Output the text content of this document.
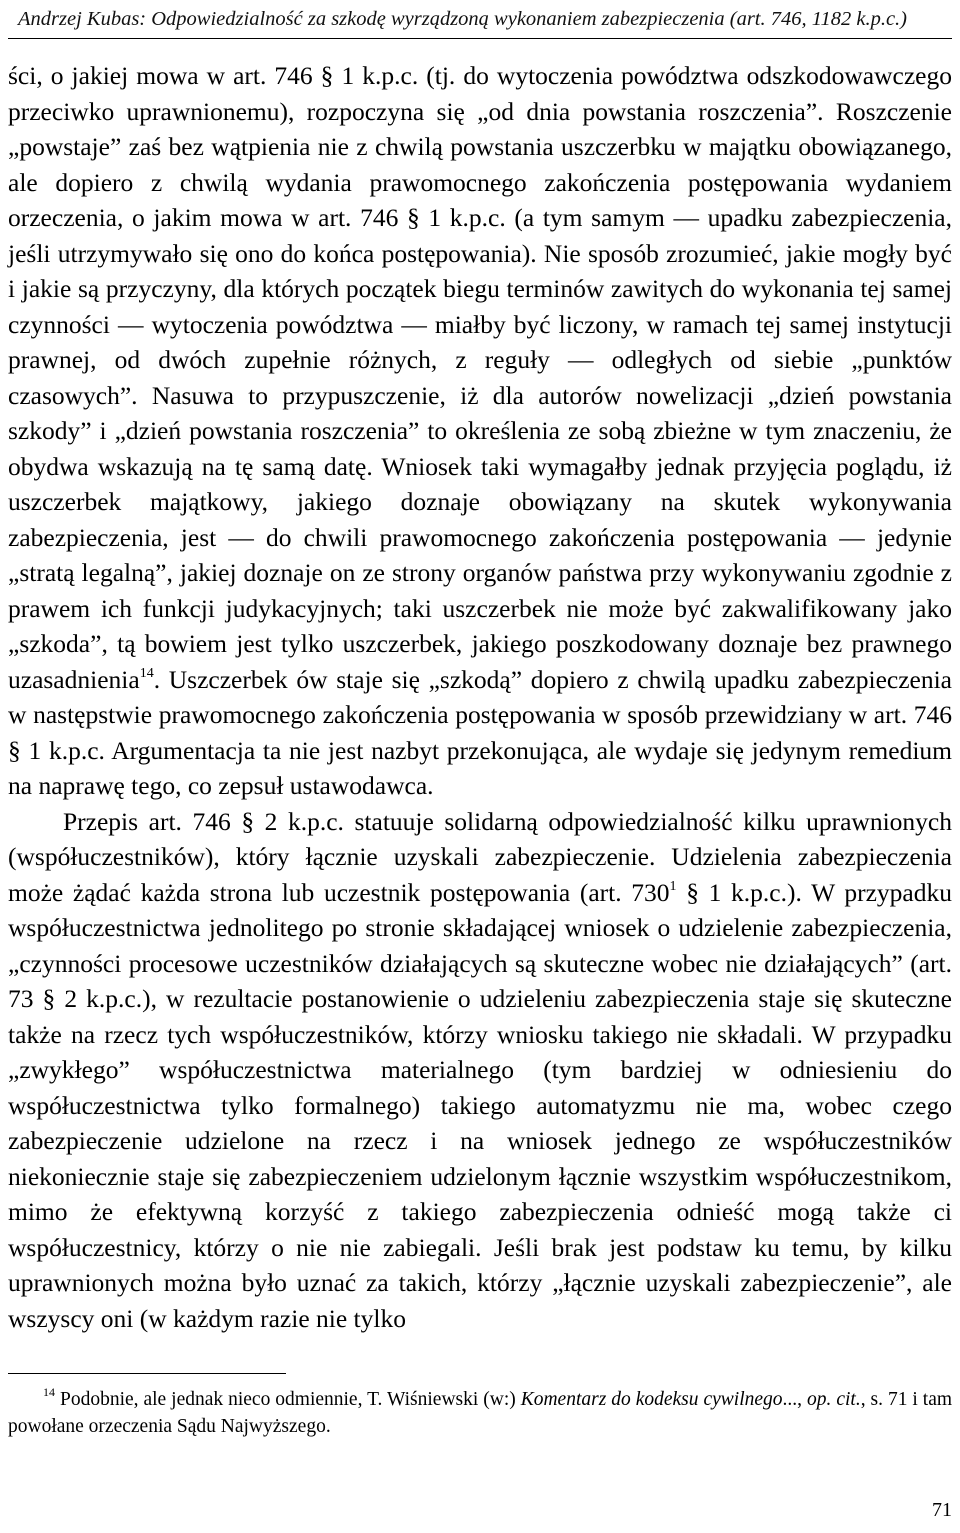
Andrzej Kubas: Odpowiedzialność za szkodę wyrządzoną wykonaniem zabezpieczenia (art. 746, 1182 k.p.c.)

ści, o jakiej mowa w art. 746 § 1 k.p.c. (tj. do wytoczenia powództwa odszkodowawczego przeciwko uprawnionemu), rozpoczyna się „od dnia powstania roszczenia”. Roszczenie „powstaje” zaś bez wątpienia nie z chwilą powstania uszczerbku w majątku obowiązanego, ale dopiero z chwilą wydania prawomocnego zakończenia postępowania wydaniem orzeczenia, o jakim mowa w art. 746 § 1 k.p.c. (a tym samym — upadku zabezpieczenia, jeśli utrzymywało się ono do końca postępowania). Nie sposób zrozumieć, jakie mogły być i jakie są przyczyny, dla których początek biegu terminów zawitych do wykonania tej samej czynności — wytoczenia powództwa — miałby być liczony, w ramach tej samej instytucji prawnej, od dwóch zupełnie różnych, z reguły — odległych od siebie „punktów czasowych”. Nasuwa to przypuszczenie, iż dla autorów nowelizacji „dzień powstania szkody” i „dzień powstania roszczenia” to określenia ze sobą zbieżne w tym znaczeniu, że obydwa wskazują na tę samą datę. Wniosek taki wymagałby jednak przyjęcia poglądu, iż uszczerbek majątkowy, jakiego doznaje obowiązany na skutek wykonywania zabezpieczenia, jest — do chwili prawomocnego zakończenia postępowania — jedynie „stratą legalną”, jakiej doznaje on ze strony organów państwa przy wykonywaniu zgodnie z prawem ich funkcji judykacyjnych; taki uszczerbek nie może być zakwalifikowany jako „szkoda”, tą bowiem jest tylko uszczerbek, jakiego poszkodowany doznaje bez prawnego uzasadnienia$^{14}$. Uszczerbek ów staje się „szkodą” dopiero z chwilą upadku zabezpieczenia w następstwie prawomocnego zakończenia postępowania w sposób przewidziany w art. 746 § 1 k.p.c. Argumentacja ta nie jest nazbyt przekonująca, ale wydaje się jedynym remedium na naprawę tego, co zepsuł ustawodawca.

Przepis art. 746 § 2 k.p.c. statuuje solidarną odpowiedzialność kilku uprawnionych (współuczestników), który łącznie uzyskali zabezpieczenie. Udzielenia zabezpieczenia może żądać każda strona lub uczestnik postępowania (art. $730^1$ § 1 k.p.c.). W przypadku współuczestnictwa jednolitego po stronie składającej wniosek o udzielenie zabezpieczenia, „czynności procesowe uczestników działających są skuteczne wobec nie działających” (art. 73 § 2 k.p.c.), w rezultacie postanowienie o udzieleniu zabezpieczenia staje się skuteczne także na rzecz tych współuczestników, którzy wniosku takiego nie składali. W przypadku „zwykłego” współuczestnictwa materialnego (tym bardziej w odniesieniu do współuczestnictwa tylko formalnego) takiego automatyzmu nie ma, wobec czego zabezpieczenie udzielone na rzecz i na wniosek jednego ze współuczestników niekoniecznie staje się zabezpieczeniem udzielonym łącznie wszystkim współuczestnikom, mimo że efektywną korzyść z takiego zabezpieczenia odnieść mogą także ci współuczestnicy, którzy o nie nie zabiegali. Jeśli brak jest podstaw ku temu, by kilku uprawnionych można było uznać za takich, którzy „łącznie uzyskali zabezpieczenie”, ale wszyscy oni (w każdym razie nie tylko

$^{14}$ Podobnie, ale jednak nieco odmiennie, T. Wiśniewski (w:) Komentarz do kodeksu cywilnego..., op. cit., s. 71 i tam powołane orzeczenia Sądu Najwyższego.
71
